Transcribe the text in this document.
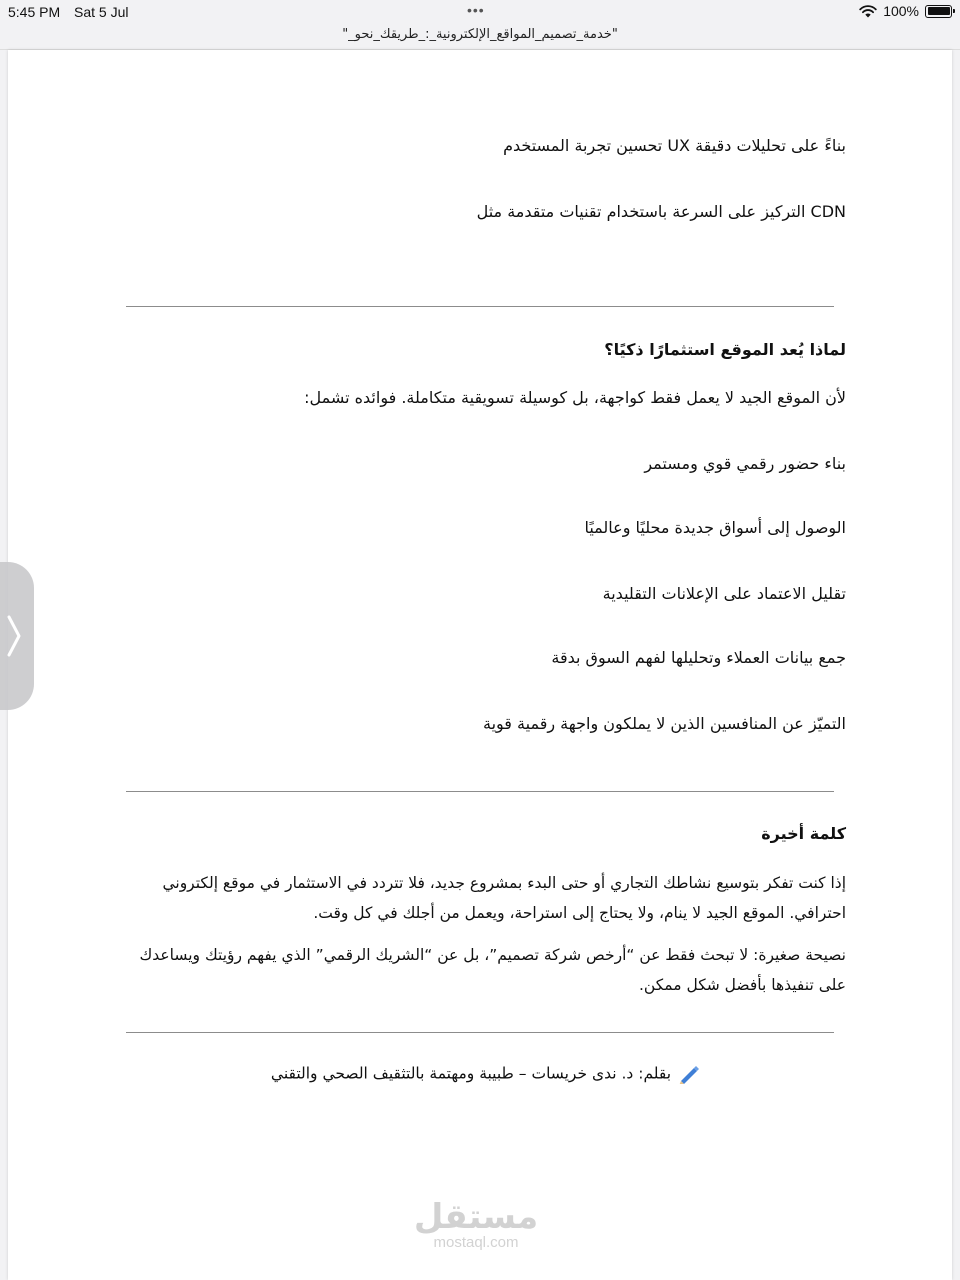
5:45 PM Sat 5 Jul	•••	100%
"_خدمة_تصميم_المواقع_الإلكترونية_:_طريقك_نحو"
بناءً على تحليلات دقيقة UX تحسين تجربة المستخدم
CDN التركيز على السرعة باستخدام تقنيات متقدمة مثل
لماذا يُعد الموقع استثمارًا ذكيًا؟
لأن الموقع الجيد لا يعمل فقط كواجهة، بل كوسيلة تسويقية متكاملة. فوائده تشمل:
بناء حضور رقمي قوي ومستمر
الوصول إلى أسواق جديدة محليًا وعالميًا
تقليل الاعتماد على الإعلانات التقليدية
جمع بيانات العملاء وتحليلها لفهم السوق بدقة
التميّز عن المنافسين الذين لا يملكون واجهة رقمية قوية
كلمة أخيرة
إذا كنت تفكر بتوسيع نشاطك التجاري أو حتى البدء بمشروع جديد، فلا تتردد في الاستثمار في موقع إلكتروني احترافي. الموقع الجيد لا ينام، ولا يحتاج إلى استراحة، ويعمل من أجلك في كل وقت.
نصيحة صغيرة: لا تبحث فقط عن “أرخص شركة تصميم”، بل عن “الشريك الرقمي” الذي يفهم رؤيتك ويساعدك على تنفيذها بأفضل شكل ممكن.
بقلم: د. ندى خريسات – طبيبة ومهتمة بالتثقيف الصحي والتقني
مستقل
mostaql.com
